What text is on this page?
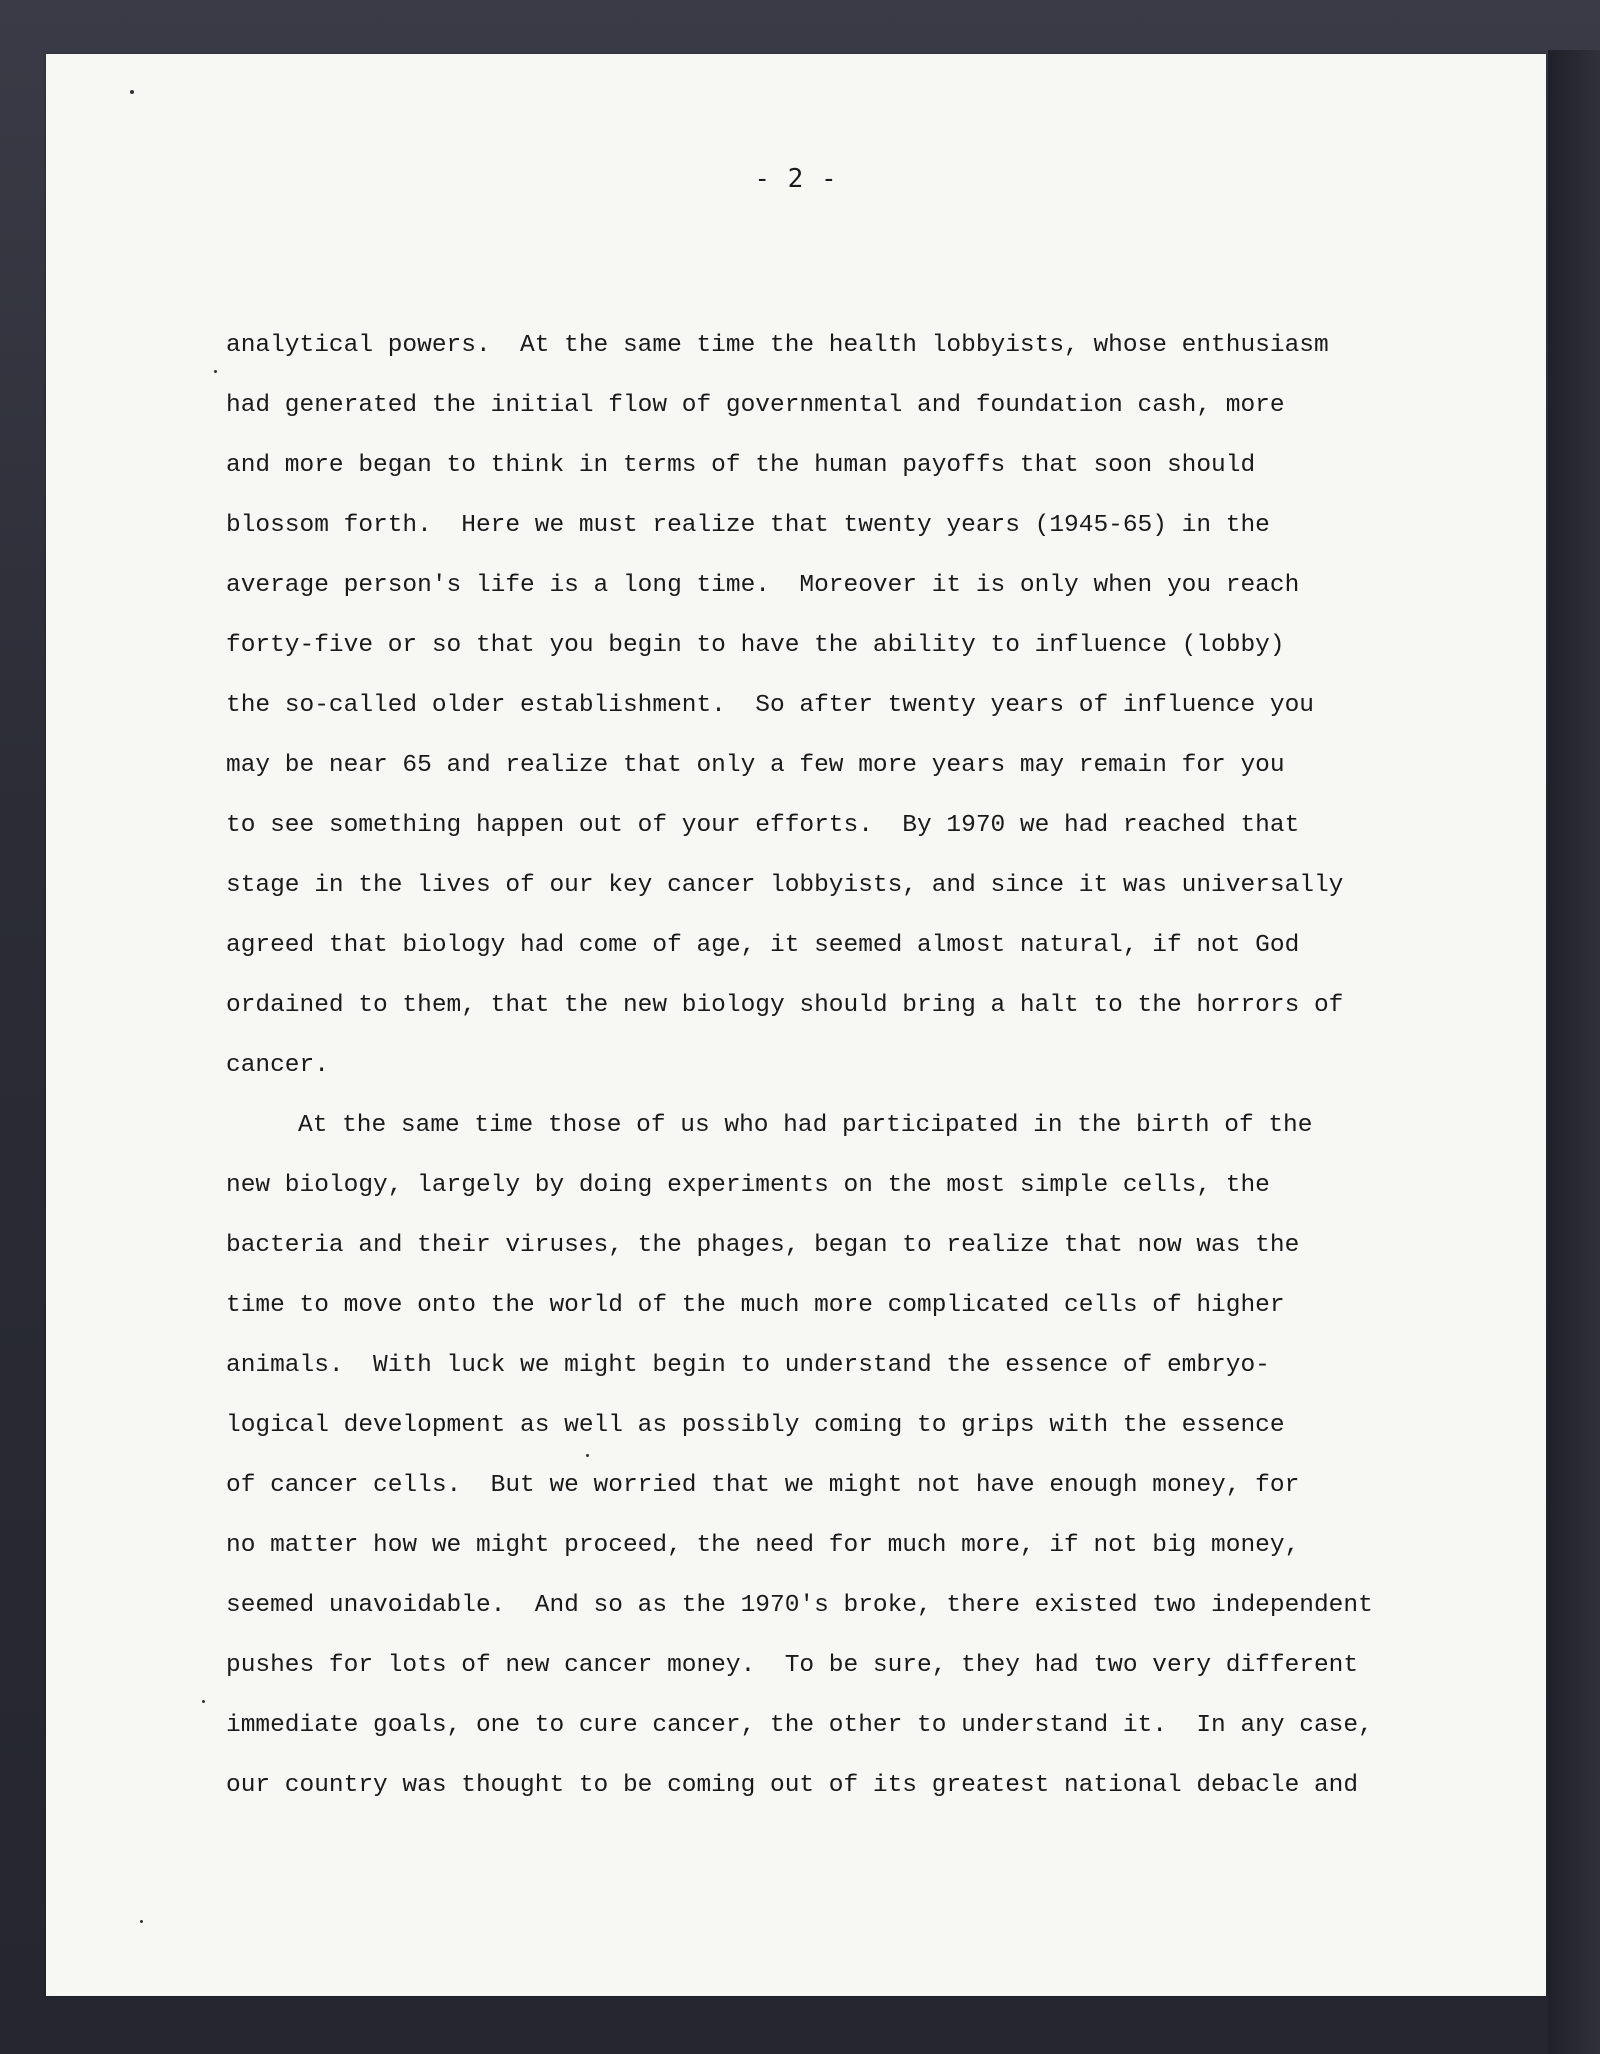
- 2 -
analytical powers.  At the same time the health lobbyists, whose enthusiasm
had generated the initial flow of governmental and foundation cash, more
and more began to think in terms of the human payoffs that soon should
blossom forth.  Here we must realize that twenty years (1945-65) in the
average person's life is a long time.  Moreover it is only when you reach
forty-five or so that you begin to have the ability to influence (lobby)
the so-called older establishment.  So after twenty years of influence you
may be near 65 and realize that only a few more years may remain for you
to see something happen out of your efforts.  By 1970 we had reached that
stage in the lives of our key cancer lobbyists, and since it was universally
agreed that biology had come of age, it seemed almost natural, if not God
ordained to them, that the new biology should bring a halt to the horrors of
cancer.
At the same time those of us who had participated in the birth of the
new biology, largely by doing experiments on the most simple cells, the
bacteria and their viruses, the phages, began to realize that now was the
time to move onto the world of the much more complicated cells of higher
animals.  With luck we might begin to understand the essence of embryo-
logical development as well as possibly coming to grips with the essence
of cancer cells.  But we worried that we might not have enough money, for
no matter how we might proceed, the need for much more, if not big money,
seemed unavoidable.  And so as the 1970's broke, there existed two independent
pushes for lots of new cancer money.  To be sure, they had two very different
immediate goals, one to cure cancer, the other to understand it.  In any case,
our country was thought to be coming out of its greatest national debacle and
